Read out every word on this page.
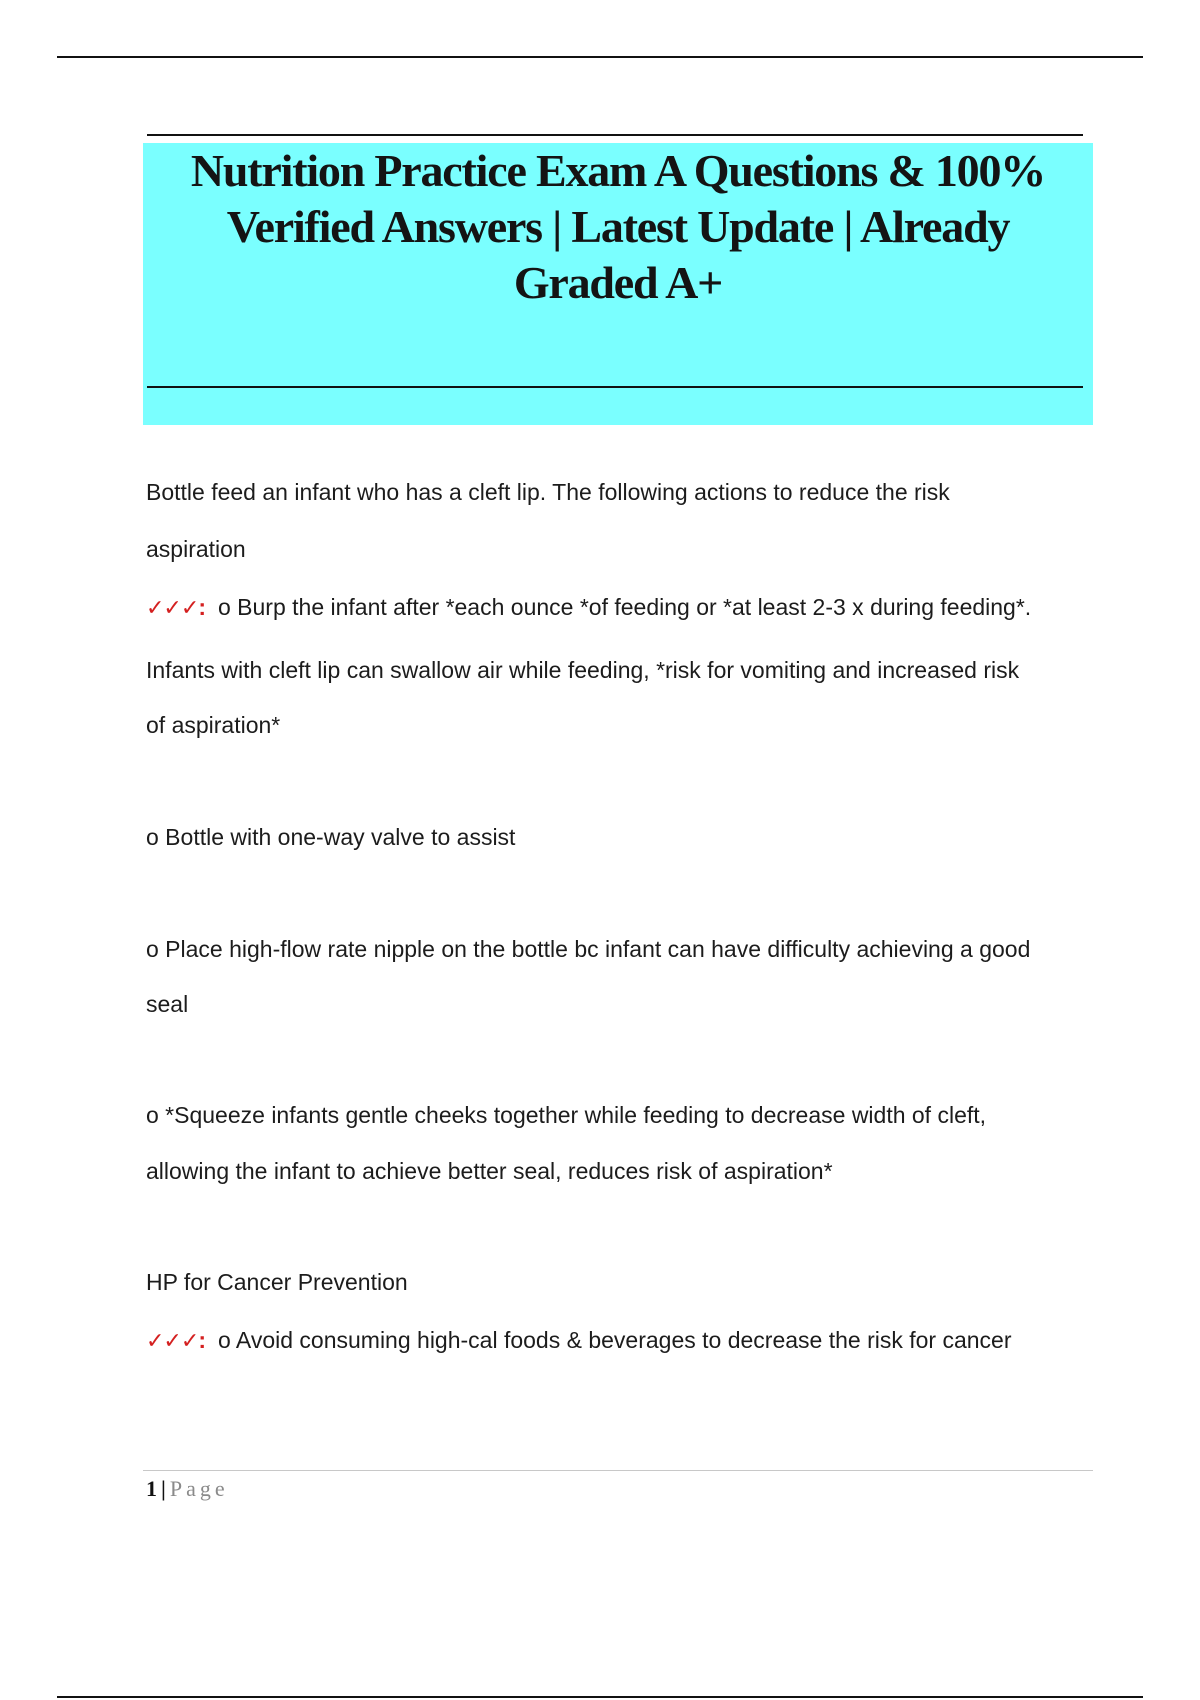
Nutrition Practice Exam A Questions & 100%
Verified Answers | Latest Update | Already
Graded A+
Bottle feed an infant who has a cleft lip. The following actions to reduce the risk
aspiration
✓✓✓: o Burp the infant after *each ounce *of feeding or *at least 2-3 x during feeding*.
Infants with cleft lip can swallow air while feeding, *risk for vomiting and increased risk
of aspiration*
o Bottle with one-way valve to assist
o Place high-flow rate nipple on the bottle bc infant can have difficulty achieving a good
seal
o *Squeeze infants gentle cheeks together while feeding to decrease width of cleft,
allowing the infant to achieve better seal, reduces risk of aspiration*
HP for Cancer Prevention
✓✓✓: o Avoid consuming high-cal foods & beverages to decrease the risk for cancer
1 | Page
